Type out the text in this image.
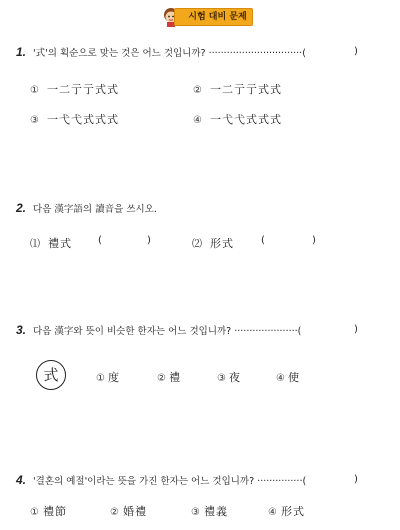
시험 대비 문제
1. '式'의 획순으로 맞는 것은 어느 것입니까? ·······························(	)
① 一二亍亍式式	② 一二亍亍式式
③ 一弋弋式式式	④ 一弋弋式式式
2. 다음 漢字語의 讀音을 쓰시오.
⑴ 禮式	(	)	⑵ 形式	(	)
3. 다음 漢字와 뜻이 비슷한 한자는 어느 것입니까? ·····················(	)
式	① 度	② 禮	③ 夜	④ 使
4. '결혼의 예절'이라는 뜻을 가진 한자는 어느 것입니까? ···············(	)
① 禮節	② 婚禮	③ 禮義	④ 形式
